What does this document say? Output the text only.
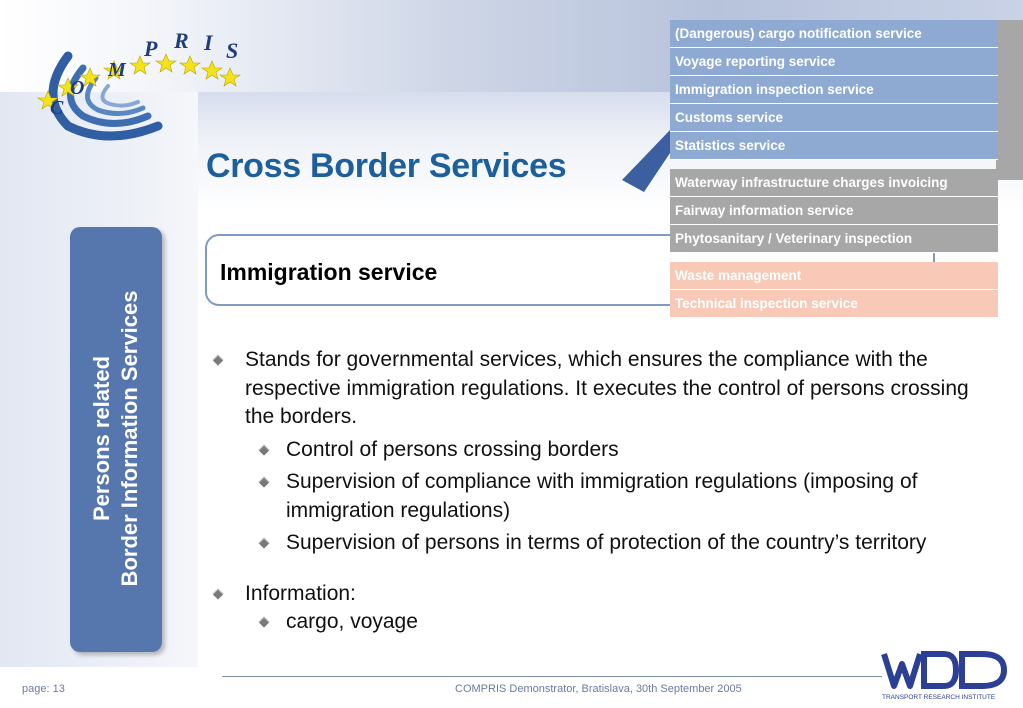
C
O
M
P R I S
Cross Border Services
Persons related Border Information Services
Immigration service
(Dangerous) cargo notification service
Voyage reporting service
Immigration inspection service
Customs service
Statistics service
Waterway infrastructure charges invoicing
Fairway information service
Phytosanitary / Veterinary inspection
Waste management
Technical inspection service
Stands for governmental services, which ensures the compliance with the respective immigration regulations. It executes the control of persons crossing the borders.
Control of persons crossing borders
Supervision of compliance with immigration regulations (imposing of immigration regulations)
Supervision of persons in terms of protection of the country’s territory
Information:
cargo, voyage
page: 13	COMPRIS Demonstrator, Bratislava, 30th September 2005
TRANSPORT RESEARCH INSTITUTE
